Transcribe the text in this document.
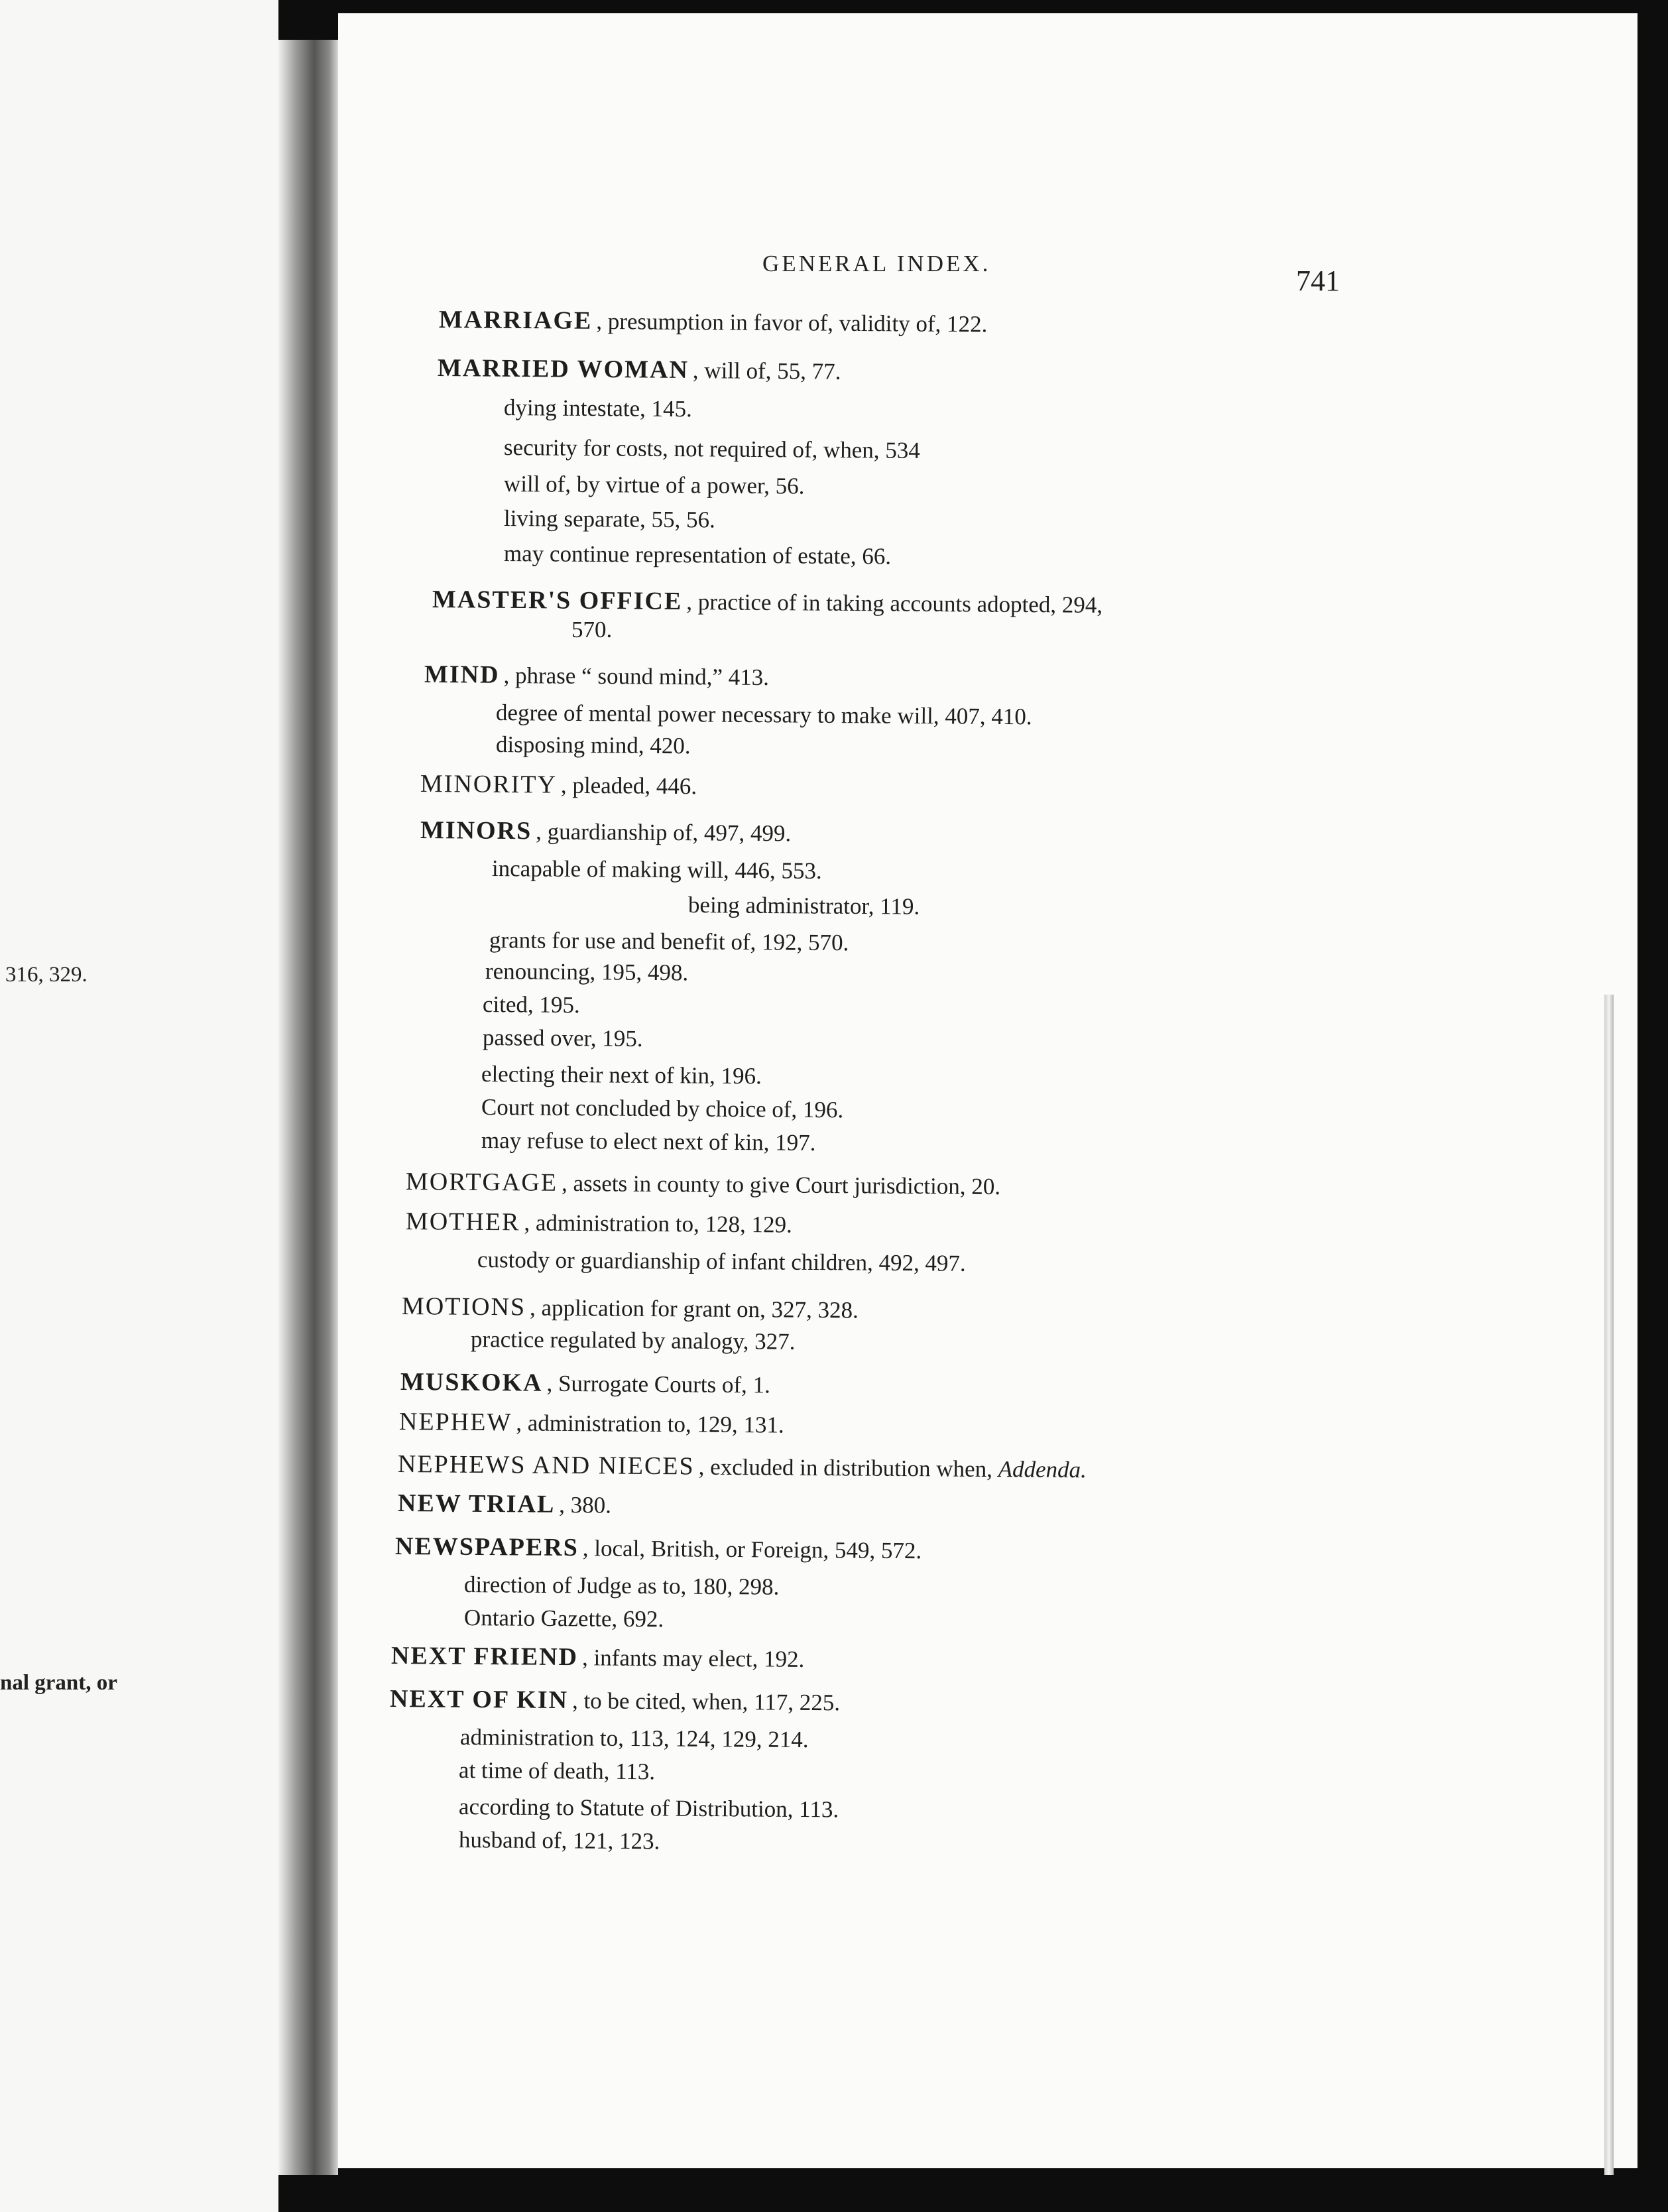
316, 329.
nal grant, or
GENERAL INDEX.
741
MARRIAGE , presumption in favor of, validity of, 122.
MARRIED WOMAN , will of, 55, 77.
dying intestate, 145.
security for costs, not required of, when, 534
will of, by virtue of a power, 56.
living separate, 55, 56.
may continue representation of estate, 66.
MASTER'S OFFICE , practice of in taking accounts adopted, 294,
570.
MIND , phrase “ sound mind,” 413.
degree of mental power necessary to make will, 407, 410.
disposing mind, 420.
MINORITY , pleaded, 446.
MINORS , guardianship of, 497, 499.
incapable of making will, 446, 553.
being administrator, 119.
grants for use and benefit of, 192, 570.
renouncing, 195, 498.
cited, 195.
passed over, 195.
electing their next of kin, 196.
Court not concluded by choice of, 196.
may refuse to elect next of kin, 197.
MORTGAGE , assets in county to give Court jurisdiction, 20.
MOTHER , administration to, 128, 129.
custody or guardianship of infant children, 492, 497.
MOTIONS , application for grant on, 327, 328.
practice regulated by analogy, 327.
MUSKOKA , Surrogate Courts of, 1.
NEPHEW , administration to, 129, 131.
NEPHEWS AND NIECES , excluded in distribution when, Addenda.
NEW TRIAL , 380.
NEWSPAPERS , local, British, or Foreign, 549, 572.
direction of Judge as to, 180, 298.
Ontario Gazette, 692.
NEXT FRIEND , infants may elect, 192.
NEXT OF KIN , to be cited, when, 117, 225.
administration to, 113, 124, 129, 214.
at time of death, 113.
according to Statute of Distribution, 113.
husband of, 121, 123.
